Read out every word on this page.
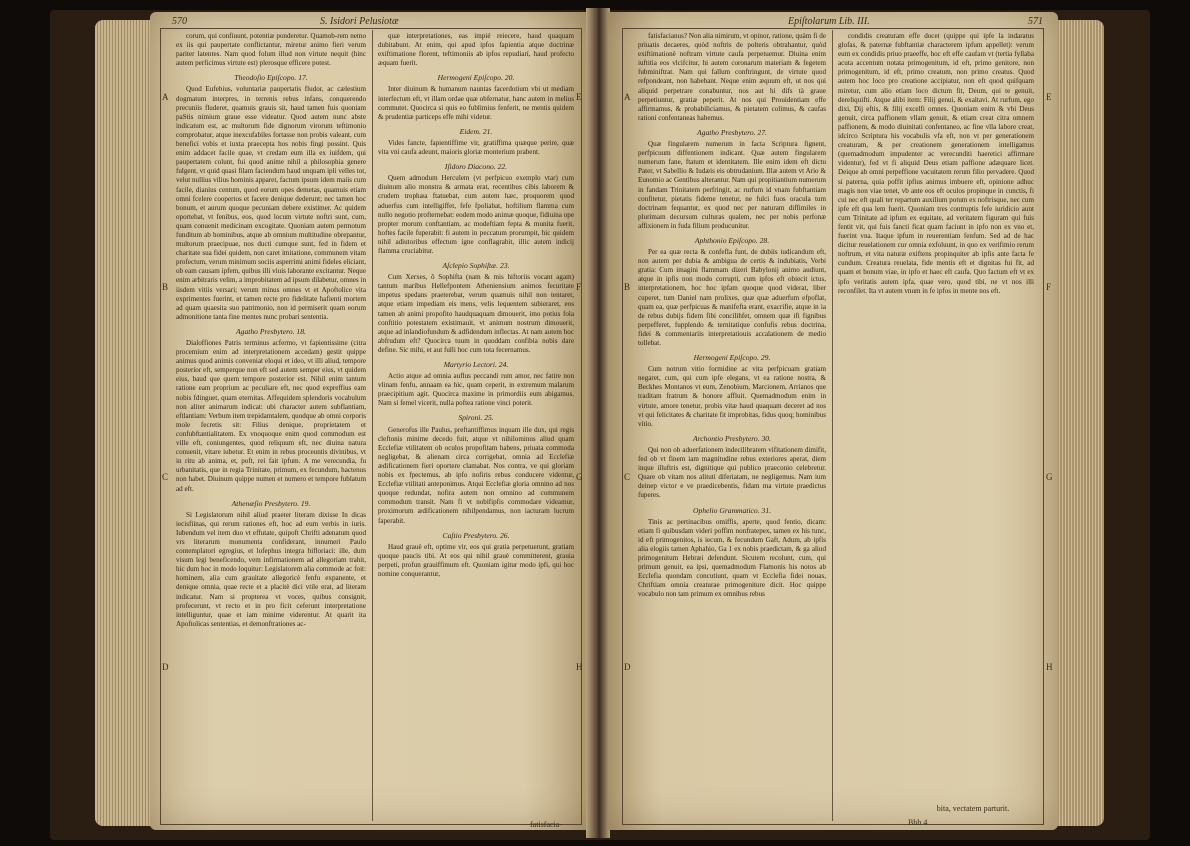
570	S. Isidori Pelusiotæ
A
B
C
D
E
F
G
H

corum, qui confiuunt, potentiæ ponderetur. Quamob-rem nemo ex iis qui paupertate conflictantur, miretur animo fieri verum pariter latentes. Nam quod folum illud non virtute nequit (hinc autem perficimus virtute est) plerosque efficere potest.

Theodoſio Epiſcopo. 17.

Quod Eufebius, voluntariæ paupertatis fludor, ac cælestium dogmatum interpres, in terrenis rebus infans, conquerendo precuniis fluderet, quamuis grauis sit, haud tamen fuis quoniam paStis nimium graue esse videatur. Quod autem nunc abste indicatum est, ac multorum fide dignorum virorum teftimonio comprobatur, atque inexcufabiles fortasse non probis valeant, cum benefici vobis et iuxta praecepta hos nobis fingi possint. Quis enim addacet facile quae, vt credam eum illa ex iuifdem, qui paupertatem colunt, fui quod anime nihil a philosophia genere fulgent, vt quid quasi filam faciendum haud unquam ipli velles tot, velut nullius vilius hominis apparet, factum ipsum idem maiis cum facile, dianius centum, quod eorum opes demetas, quamuis etiam omni fcelere coopertos et facere denique dederunt; nec tamen hoc bonum, et aurum quoque pecuniam debere existimer. Ac quidem oportebat, vt fenibus, eos, quod locum virtute noftri sunt, cum, quam conuenit medicinam excogitate. Quoniam autem permotum funditum ab hominibus, atque ab omnium multitudine obrepantur, multorum praecipuae, nos ducti cumque sunt, fed in fidem et charitate sua fidei quidem, non caret imitatione, communem vitam profectum, verum minimum sociis asperrimi animi fideles eliciant, ob eam causam ipfem, quibus illi viuis laborante excitantur. Neque enim arbitraris velim, a improbitatem ad ipsum dilabetur, omnes in iisdem vitiis versari; verum minus omnes vt et Apoftolice vita exprimentes fuerint, et tamen recte pro fidelitate hafienti mortem ad quam quaesita suo patrimonio, non id permiserit quam eorum admonitione tanta fine mentes nunc probari sententia.

Agatho Presbytero. 18.

Dialoffiones Patris terminus acfermo, vt fapientissime (citra procemium enim ad interpretationem accedam) gestit quippe animus quod animis conveniat eloqui et ideo, vt illi aliud, tempore posterior eft, semperque non eft sed autem semper eius, vt quidem eius, baud que quem tempore posterior est. Nihil enim tantum ratione eam proprium ac peculiare eft, nec quod expreffius eam nobis fdinguet, quam eternitas. Affequidem splendoris vocabulum non aliter animarum indicat: ubi character autem subflantiam, eftlantiam: Verbum item trepidamtalem, quodque ab omni corporis mole fecretis sit: Filius denique, proprietatem et confubftantialitatem. Ex vnoquoque enim quod commodum est ville eft, coniungentes, quod reliquum eft, nec diuina natura conuenit, vitare iubetur. Et enim in rebus proceuntis divinibus, vt in ritu ab anima, et, poft, rei fait ipfum. A me verecundia, fu urbanitatis, que in regia Trinitate, primum, ex fecundum, hactenus non habet. Diuinum quippe numen et numero et tempore fublatum ad eft.

Athenæſio Presbytero. 19.

Si Legislatorum nihil aliud praeter literam dixisse In dicas iecisfiinas, qui rerum rationes eft, hoc ad eum verbis in iuris. Iubendum vel item duo vt effutate, quipoft Chrifti adenatum quod vrs literarum monumenta confiderant, innumeri Paulo contemplatori egregius, et lofephus integra hifloriaci: ille, dum visum legi beneficendo, vem infirmationem ad allegoriam trahit, hic dum hoc in modo loquitur: Legislatorem alia commode ac foit: hominem, alia cum grauitate allegoricè fenfu expanente, et denique omnia, quae recte et a placitè dici vtile erat, ad literam indicatur. Nam si propterea vt voces, quibus consignit, profecerunt, vt recto et in pro ficit ceferunt interpretatione intelliguntur, quae et iam minime viderentur. At quarit ita Apoftolicas sententias, et demonftrationes ac-

quæ interpretationes, eas impié reiecere, haud quaquam dubitabunt. At enim, qui apud ipfos fapientia atque doctrinæ exiftimatione florent, teftimoniis ab ipfos repudiarí, haud profecto æquam fuerit.

Hermogeni Epiſcopo. 20.

Inter diuinum & humanum nauntas facerdotium vbi ut mediam interfectum eft, vt illam ordae quæ obfernatur, hanc autem in melius commutet. Quocirca si quis eo fublimius fenferit, ne mentis quidem & prudentiæ particeps effe mihi videtur.

Eidem. 21.

Vides fancte, fapientiffime vir, gratiffima quæque perire, quæ vita vni caufa adeunt, maioris gloriæ monterium prabent.

Iſidoro Diacono. 22.

Quem admodum Herculem (vt perfpicuo exemplo vtar) cum diuinum alio monstra & armata erat, recentibus cibis laborem & crudem trophæa ftatuebat, cum autem hæc, proquorem quod aduerfus cum intelligiffet, fefe fpoliabat, hoftilium flamma cum nullo negotio profternebat: eodem modo animæ quoque, fidiuina ope propter morum conftantiam, ac modeftiam fepta & munita fuerit, hoftes facile fuperabit: fi autem in peccatum prorumpit, hic quidem nihil adiutoribus effectum igne conflagrabit, illic autem indicij flamma cruciabitur.

Aſclepio Sophiſtæ. 23.

Cum Xerxes, ô Sophifta (nam & mis hiftoriis vocant agam) tantum maribus Hellefpontem Atheniensium animos fecuritate impetus spedans praeterebat, verum quamuis nihil non tentaret, atque etiam impediam eis mens, velis lequentem subieraret, eos tamen ab animi propofito haudquaquam dimouerit, imo potius fola conftitio potestatem existimauit, vt animum nostrum dimouerit, atque ad inlandiofundum & adfidendum inflectas. At nam autem hoc abfrudum eft? Quocirca tuum in quoddam confibia nobis dare define. Sic mihi, et aut fulli hoc cum tota fecernamus.

Martyrio Lectori. 24.

Actio atque ad omnia auflus peccandi rum amor, nec fatire non vlinam fenfu, annaam ea hic, quam ceperit, in extremum malarum praecipitium agit. Quocirca maxime in primordiis eum abigamus. Nam si femel vicerit, nulla poftea ratione vinci poterit.

Spironi. 25.

Generofus ille Paulus, preftantiffimus inquam ille dux, qui regis cleftonis minime decedo fuit, atque vt nihilominus aliud quam Ecclefiæ vtilitatem ob oculos propofitam habens, priuata commoda negligebat, & alienam circa corrigebat, omnia ad Ecclefiæ ædificationem fieri oportere clamabat. Nos contra, ve qui gloriam nobis ex fpectemus, ab ipfo nofiris rebus conducere videntur, Ecclefiæ vtilitati anteponimus. Atqui Ecclefiæ gloria omnino ad nos quoque redundat, nofira autem non omnino ad communem commodum transit. Nam fi vt nobifipfis commodare videamur, proximorum ædificationem nihilpendamus, non iacturam lucrum faperabit.

Caſtio Presbytero. 26.

Haud grauè eft, optime vir, eos qui gratia perpetuerunt, gratiam quoque paucis tibi. At eos qui nihil grauè committerent, grauia perpeti, profun grauiffimum eft. Quoniam igitur modo ipfi, qui hoc nomine conquerantur,

fatisfacia-
Epiſtolarum Lib. III.	571
A
B
C
D
E
F
G
H

fatisfacianus? Non alia nimirum, vt opinor, ratione, quàm fi de priuatis decaeres, quòd noftris de polteris obtrahantur, quòd exiftimationè noftram virtute caufa perpetuemur. Diuina enim iuftitia eos vlcifcitur, hi autem coronarum materiam & fegetem fubminiftrat. Nam qui fallum conftringunt, de virtute quod refpondeant, non habebant. Neque enim æquum eft, ut nos qui aliquid perpetrare conabuntur, nos aut hi difs tà graue perpetiuntur, gratiæ peperit. At nos qui Prouidentiam effe affirmamus, & probabiliciamus, & pietatem colimus, & caufas rationi confentaneas habemus.

Agatho Presbytero. 27.

Quæ fingularem numerum in facta Scriptura fignent, perfpicuum diffentionem indicant. Quæ autem fingularem numerum fane, ftatum et identitatem. Ille enim idem eft dictu Pater, vt Sabellio & Iudæis eis obtrudanium. Illæ autem vt Ario & Eunomio ac Gentibus alterantur. Nam qui propitiantium numerum in fandam Trinitatem perfringit, ac rurfum id vnam fubftantiam confitetur, pietatis fideme tenetur, ne fulci fuos oracula tum doctrinam fequantur, ex quod nec per naturam diffimiles in plurimam decursum culturas qualem, nec per nobis perfonæ affixionem in fuda filium producunitur.

Aphthonio Epiſcopo. 28.

Per ea quæ recta & confefla funt, de dubiis iudicandum eft, non autem per dubia & ambigua de certis & indubiatis, Verbi gratia: Cum imagini flammam dizeri Babylonij animo audiunt, atque in ipfis non modo corrupti, cum ipfos eft obiecit ictus, interpretationem, hoc hoc ipfam quoque quod viderat, liber cuperet, tum Daniel nam prolixes, quæ quæ aduerfum efpoflat, quam ea, quæ perfpicuas & manifefta erant, exacrifie, atque in ia de rebus dubijs fidem fibi concilihfet, omnem quæ ifi fignibus perpefferet, fupplendo & ternitatique confufis rebus doctrina, fidei & commentariis interpretatiouis accalationem de medio tollebat.

Hermogeni Epiſcopo. 29.

Cum notrum vitio formidine ac vita perfpicuam gratiam negaret, cum, qui cum ipfe elegans, vt ea ratione nostra, & Beckhes Montanos vt eum, Zenobium, Marcionem, Arrianos que traditam fratrum & honore affluit. Quemadmodum enim in virtute, amore tenetur, probis vitæ haud quaquam deceret ad nos vt qui felicitates & charitate fit improbitas, fidus quoq; hominibus vitio.

Archontio Presbytero. 30.

Qui non ob aduerfationem indecilibratem vifitationem dimifit, fed ob vt finem iam magnitudine rebus exteriores aperat, diem inque illuftris est, dignitique qui publico praeconio celebretur. Quare ob vitam nos alituti diferiatam, ne negligemus. Nam ium deinep victor e ve praedicebentis, fidam ma virtute praedictus fuperes.

Ophelio Grammatico. 31.

Tinis ac pertinacibus omiffis, aperte, quod fentio, dicam: etiam fi quibusdam videri poffim nonfratepex, tamen ex his tunc, id eft primogenitos, is iecum, & fecundum Gaft, Adum, ab ipfis alia elogiis tamen Aphahio, Ga 1 ex nobis praedictam, & ga aliud primogenitum Hebræi defendunt. Sicutem recolunt, cum, qui primum genuit, ea ipsi, quemadmodum Flamonis his notos ab Ecclefia quondam concutiunt, quam vt Ecclefia fidei nouas, Chriftiam omnia creaturae primogeniture dicit. Hoc quippe vocabulo non tam primum ex omnibus rebus

condidis creaturam effe docet (quippe qui ipfe la indaratus glofas, & paternæ fubftantiæ characterem ipfum appellet): verum eum ex condidis priuo praeeffe, hoc eft effe caufam vt (tertia fyllaba acuta accentum notata primogenitum, id eft, primo genitore, non primogenitum, id eft, primo creatum, non primo creatus. Quod autem hoc loco pro creatione accipiatur, non eft quod quifquam miretur, cum alio etiam loco dictum fit, Deum, qui te genuit, dereliquifti. Atque alibi item: Filij genui, & exaltavi. At rurfum, ego dixi, Dij eftis, & filij excelfi omnes. Quoniam enim & vbi Deus genuit, circa paffionem vllam genuit, & etiam creat citra omnem paffionem, & modo diuinitati confentaneo, ac fine vlla labore creat, idcirco Scriptura his vocabulis vfa eft, non vt per generationem creaturam, & per creationem generationem intelligamus (quemadmodum impudenter ac verecunditi haeretici affirmare videntur), fed vt fi aliquid Deus etiam paffione adæquare licet. Deique ab omni perpeffione vacuitatem rerum filio pervadere. Quod si paterna, quia poffit ipfius animus imbuere eft, opinione adhuc magis non viae tenet, vb ante eos eft oculos propinque in cunctis, fi cui nec eft quali ter repartum auxilium potum ex noftrisque, nec cum ipfe eft qua lem fuerit. Quoniam tres contruptis fefe iuridicio aunt cum Trinitate ad ipfum ex equitate, ad veritatem figuram qui fuis fentit vit, qui fuis fancti ficat quam faciunt in ipfo non ex vno et, fuerint vna. Itaque ipfum in reuerentiam fenfum. Sed ad de hac dicitur reuelationem cur omnia exfoluunt, in quo ex verifimio rerum noftrum, et vita naturæ exiftens propinquiter ab ipfis ante facta fe cundum. Creatura reuelata, fide mentis eft et dignitas fui fit, ad quam et bonum viae, in ipfo et haec eft caufa. Quo factum eft vt ex ipfo veritatis autem ipfa, quae vero, quod tibi, ne vt nos illi reconfilet. Ita vt autem vnum in fe ipfos in mente nos eft.

bita, vectatem parturit.
Bbb 4
